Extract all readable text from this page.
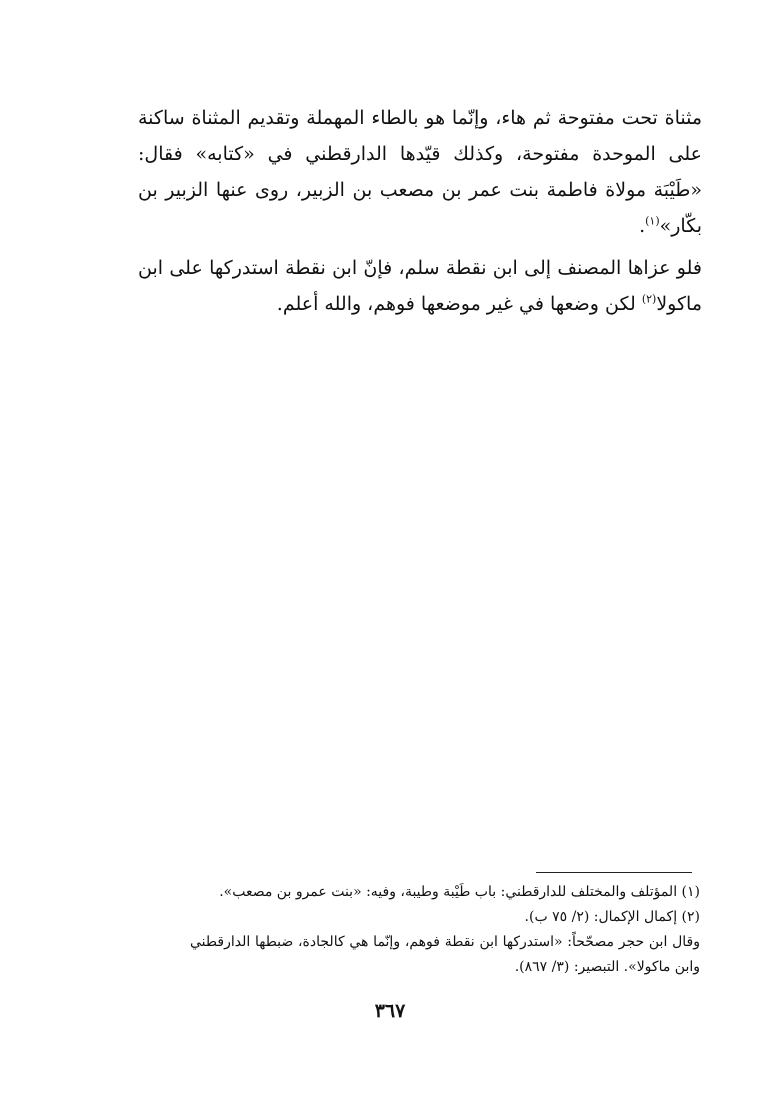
مثناة تحت مفتوحة ثم هاء، وإنّما هو بالطاء المهملة وتقديم المثناة ساكنة على الموحدة مفتوحة، وكذلك قيّدها الدارقطني في «كتابه» فقال: «طَيْبَة مولاة فاطمة بنت عمر بن مصعب بن الزبير، روى عنها الزبير بن بكّار»$^{(١)}$.

فلو عزاها المصنف إلى ابن نقطة سلم، فإنّ ابن نقطة استدركها على ابن ماكولا$^{(٢)}$ لكن وضعها في غير موضعها فوهم، والله أعلم.

(١) المؤتلف والمختلف للدارقطني: باب طَيْبة وطيبة، وفيه: «بنت عمرو بن مصعب».

(٢) إكمال الإكمال: (٢/ ٧٥ ب).

وقال ابن حجر مصحّحاً: «استدركها ابن نقطة فوهم، وإنّما هي كالجادة، ضبطها الدارقطني وابن ماكولا». التبصير: (٣/ ٨٦٧).

٣٦٧
